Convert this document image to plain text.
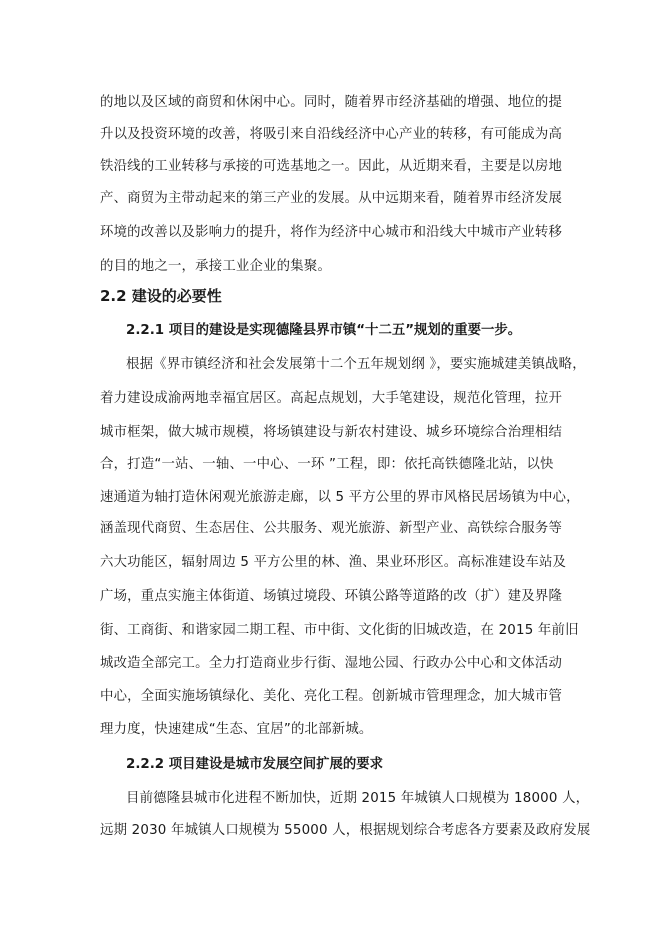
的地以及区域的商贸和休闲中心。同时，随着界市经济基础的增强、地位的提
升以及投资环境的改善，将吸引来自沿线经济中心产业的转移，有可能成为高
铁沿线的工业转移与承接的可选基地之一。因此，从近期来看，主要是以房地
产、商贸为主带动起来的第三产业的发展。从中远期来看，随着界市经济发展
环境的改善以及影响力的提升，将作为经济中心城市和沿线大中城市产业转移
的目的地之一，承接工业企业的集聚。
2.2 建设的必要性
2.2.1 项目的建设是实现德隆县界市镇“十二五”规划的重要一步。
根据《界市镇经济和社会发展第十二个五年规划纲 》，要实施城建美镇战略，
着力建设成渝两地幸福宜居区。高起点规划，大手笔建设，规范化管理，拉开
城市框架，做大城市规模，将场镇建设与新农村建设、城乡环境综合治理相结
合，打造“一站、一轴、一中心、一环 ”工程，即：依托高铁德隆北站，以快
速通道为轴打造休闲观光旅游走廊，以 5 平方公里的界市风格民居场镇为中心，
涵盖现代商贸、生态居住、公共服务、观光旅游、新型产业、高铁综合服务等
六大功能区，辐射周边 5 平方公里的林、渔、果业环形区。高标准建设车站及
广场，重点实施主体街道、场镇过境段、环镇公路等道路的改（扩）建及界隆
街、工商街、和谐家园二期工程、市中街、文化街的旧城改造，在 2015 年前旧
城改造全部完工。全力打造商业步行街、湿地公园、行政办公中心和文体活动
中心，全面实施场镇绿化、美化、亮化工程。创新城市管理理念，加大城市管
理力度，快速建成“生态、宜居”的北部新城。
2.2.2 项目建设是城市发展空间扩展的要求
目前德隆县城市化进程不断加快，近期 2015 年城镇人口规模为 18000 人，
远期 2030 年城镇人口规模为 55000 人，根据规划综合考虑各方要素及政府发展
